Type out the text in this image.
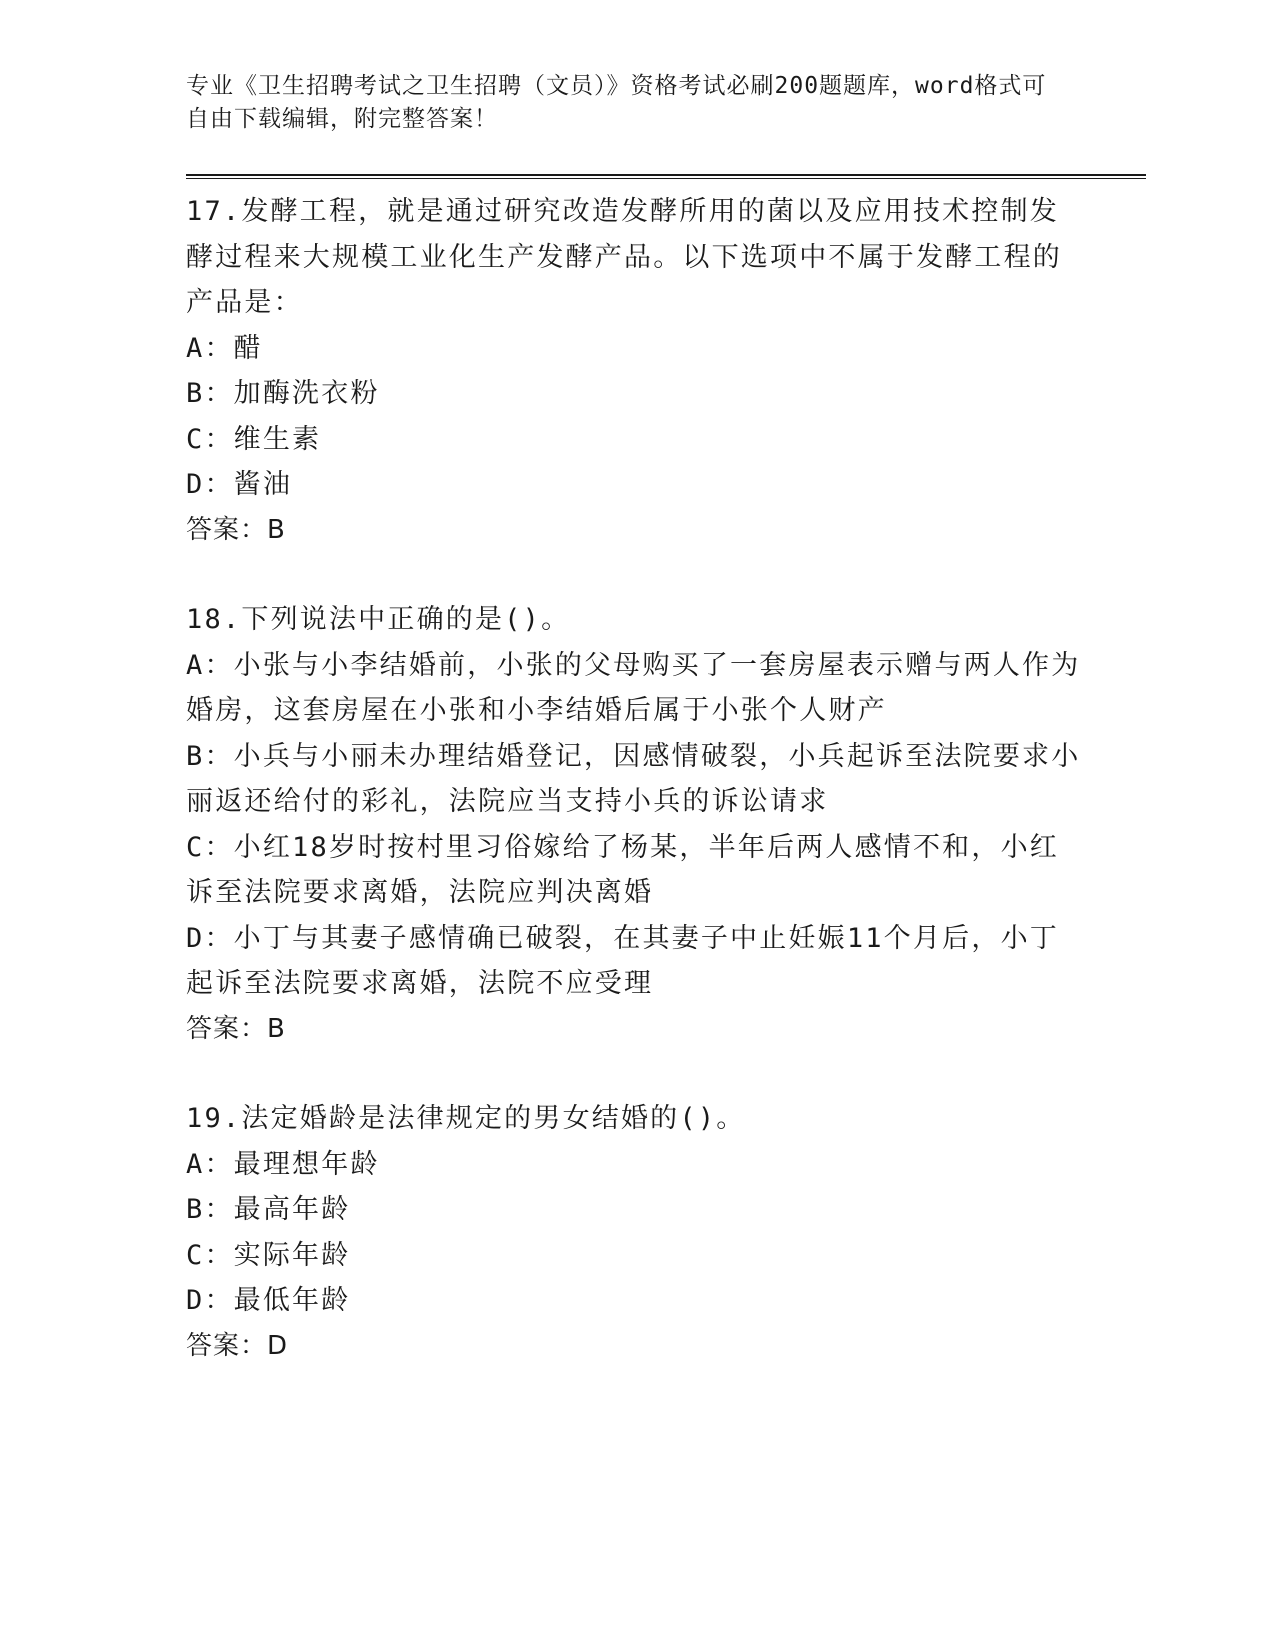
专业《卫生招聘考试之卫生招聘（文员）》资格考试必刷200题题库，word格式可自由下载编辑，附完整答案！

17.发酵工程，就是通过研究改造发酵所用的菌以及应用技术控制发酵过程来大规模工业化生产发酵产品。以下选项中不属于发酵工程的产品是：

A：醋

B：加酶洗衣粉

C：维生素

D：酱油

答案：B

18.下列说法中正确的是()。

A：小张与小李结婚前，小张的父母购买了一套房屋表示赠与两人作为婚房，这套房屋在小张和小李结婚后属于小张个人财产

B：小兵与小丽未办理结婚登记，因感情破裂，小兵起诉至法院要求小丽返还给付的彩礼，法院应当支持小兵的诉讼请求

C：小红18岁时按村里习俗嫁给了杨某，半年后两人感情不和，小红诉至法院要求离婚，法院应判决离婚

D：小丁与其妻子感情确已破裂，在其妻子中止妊娠11个月后，小丁起诉至法院要求离婚，法院不应受理

答案：B

19.法定婚龄是法律规定的男女结婚的()。

A：最理想年龄

B：最高年龄

C：实际年龄

D：最低年龄

答案：D
